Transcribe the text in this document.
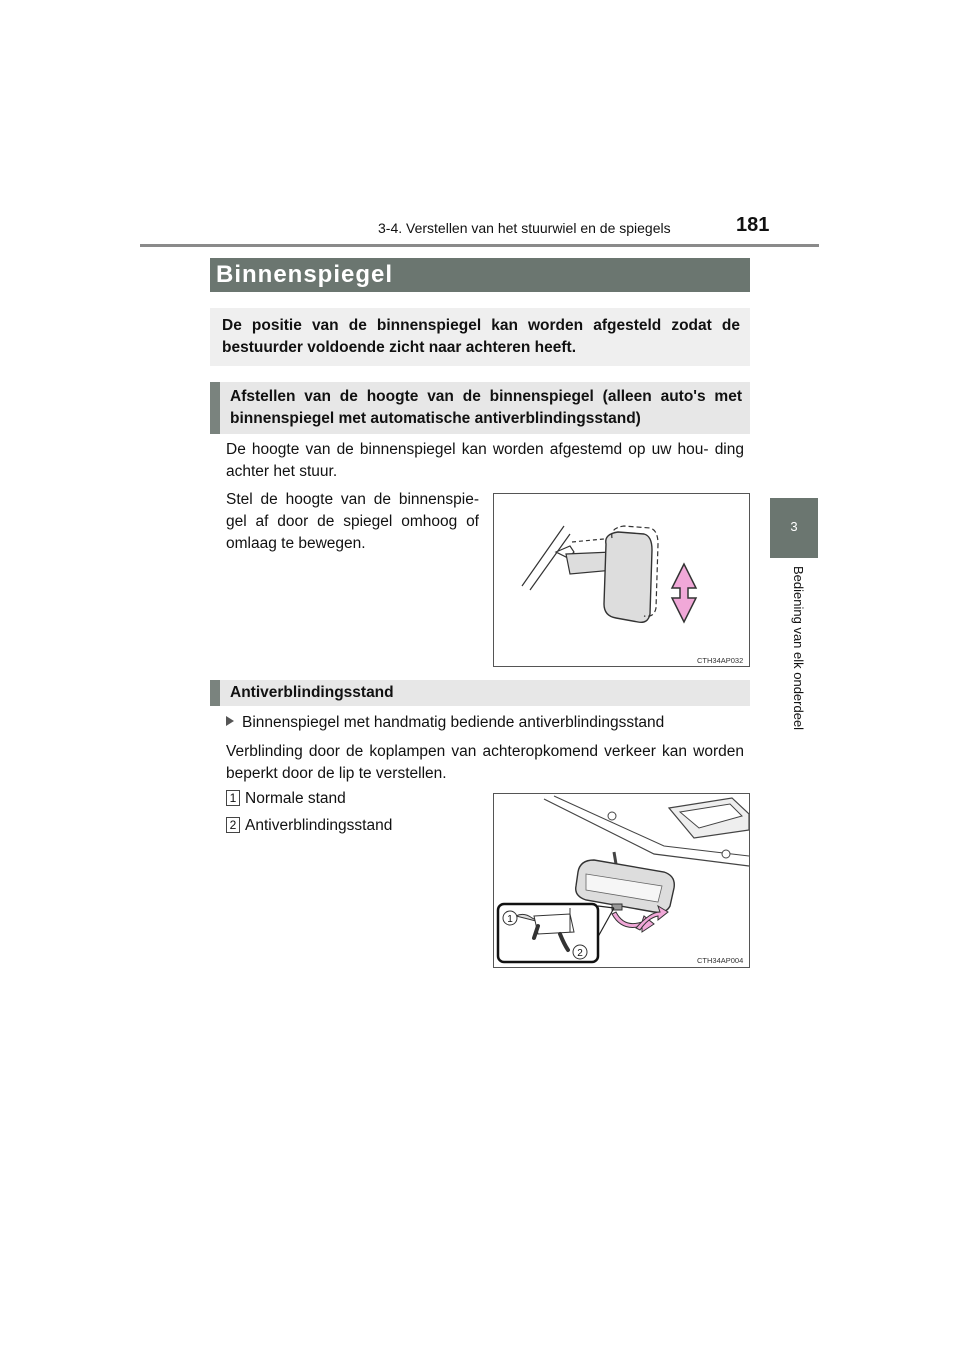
3-4. Verstellen van het stuurwiel en de spiegels	181
3
Bediening van elk onderdeel
Binnenspiegel
De positie van de binnenspiegel kan worden afgesteld zodat de bestuurder voldoende zicht naar achteren heeft.
Afstellen van de hoogte van de binnenspiegel (alleen auto's met binnenspiegel met automatische antiverblindingsstand)
De hoogte van de binnenspiegel kan worden afgestemd op uw hou- ding achter het stuur.
Stel de hoogte van de binnenspie- gel af door de spiegel omhoog of omlaag te bewegen.
CTH34AP032
Antiverblindingsstand
Binnenspiegel met handmatig bediende antiverblindingsstand
Verblinding door de koplampen van achteropkomend verkeer kan worden beperkt door de lip te verstellen.
1 Normale stand
2 Antiverblindingsstand
1
2
CTH34AP004
